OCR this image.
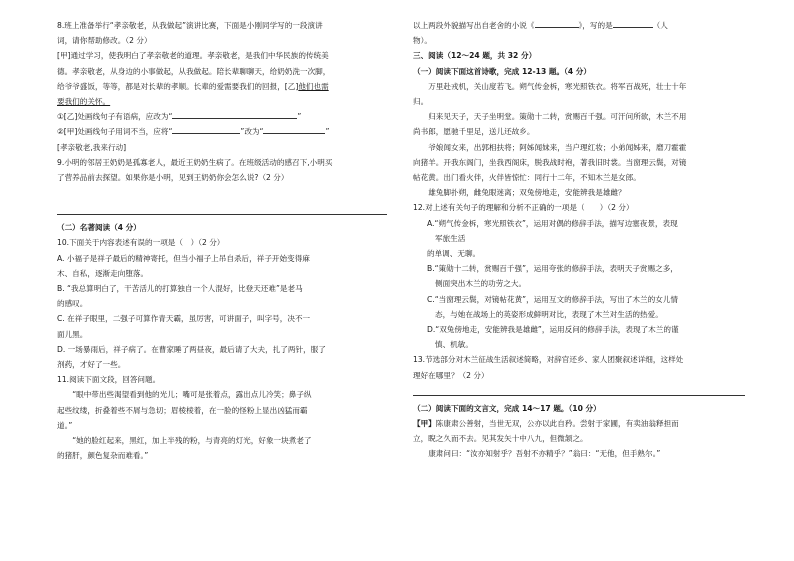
8.班上准备举行“孝亲敬老，从我做起”演讲比赛，下面是小刚同学写的一段演讲

词，请你帮助修改。（2 分）

[甲]通过学习，使我明白了孝亲敬老的道理。孝亲敬老，是我们中华民族的传统美

德。孝亲敬老，从身边的小事做起，从我做起。陪长辈聊聊天，给奶奶洗一次脚，

给爷爷盛饭，等等，都是对长辈的孝顺。长辈的爱需要我们的回报，[乙]他们也需

要我们的关怀。

①[乙]处画线句子有语病，应改为“	”

②[甲]处画线句子用词不当，应将“	”改为“	”

[孝亲敬老,我来行动]

9.小明的邻居王奶奶是孤寡老人，最近王奶奶生病了。在班级活动的感召下,小明买

了营养品前去探望。如果你是小明，见到王奶奶你会怎么说?（2 分）

（二）名著阅读（4 分）

10.下面关于内容表述有误的一项是（　）（2 分）

A. 小福子是祥子最后的精神寄托，但当小福子上吊自杀后，祥子开始变得麻

木、自私，逐渐走向堕落。

B. “我总算明白了，干苦活儿的打算独自一个人混好，比登天还难”是老马

的感叹。

C. 在祥子眼里，二强子可算作青天霸，虽厉害，可讲面子，叫字号，决不一

面儿黑。

D. 一场暴雨后，祥子病了。在曹家睡了两昼夜，最后请了大夫，扎了两针，服了

剂药，才好了一些。

11.阅读下面文段，回答问题。

“眼中带出些渴望看到他的光儿；嘴可是张着点，露出点儿冷笑；鼻子纵

起些纹缕，折叠着些不屑与急切；眉棱棱着，在一脸的怪粉上显出凶猛而霸

道。”

“她的脸红起来，黑红，加上半残的粉，与青亮的灯光，好象一块煮老了

的猪肝，颜色复杂而难看。”

以上两段外貌描写出自老舍的小说《	》，写的是	（人

物）。

三、阅读（12～24 题，共 32 分）

（一）阅读下面这首诗歌，完成 12-13 题。（4 分）

万里赴戎机，关山度若飞。朔气传金柝，寒光照铁衣。将军百战死，壮士十年

归。

归来见天子，天子坐明堂。策勋十二转，赏赐百千强。可汗问所欲，木兰不用

尚书郎，愿驰千里足，送儿还故乡。

爷娘闻女来，出郭相扶将；阿姊闻妹来，当户理红妆；小弟闻姊来，磨刀霍霍

向猪羊。开我东阁门，坐我西阁床，脱我战时袍，著我旧时裳。当窗理云鬓，对镜

帖花黄。出门看火伴，火伴皆惊忙：同行十二年，不知木兰是女郎。

雄兔脚扑朔，雌兔眼迷离；双兔傍地走，安能辨我是雄雌？

12.对上述有关句子的理解和分析不正确的一项是（　　）（2 分）

A.“朔气传金柝，寒光照铁衣”，运用对偶的修辞手法，描写边塞夜景，表现

军旅生活

的单调、无聊。

B.“策勋十二转，赏赐百千强”，运用夸张的修辞手法，表明天子赏赐之多，

侧面突出木兰的功劳之大。

C.“当窗理云鬓，对镜帖花黄”，运用互文的修辞手法，写出了木兰的女儿情

态，与她在战场上的英姿形成鲜明对比，表现了木兰对生活的热爱。

D.“双兔傍地走，安能辨我是雄雌”，运用反问的修辞手法，表现了木兰的谨

慎、机敏。

13.节选部分对木兰征战生活叙述简略，对辞官还乡、家人团聚叙述详细，这样处

理好在哪里？（2 分）

（二）阅读下面的文言文，完成 14～17 题。（10 分）

【甲】陈康肃公善射，当世无双，公亦以此自矜。尝射于家圃，有卖油翁释担而

立，睨之久而不去。见其发矢十中八九，但微颔之。

康肃问曰：“汝亦知射乎？吾射不亦精乎？”翁曰：“无他，但手熟尔。”
